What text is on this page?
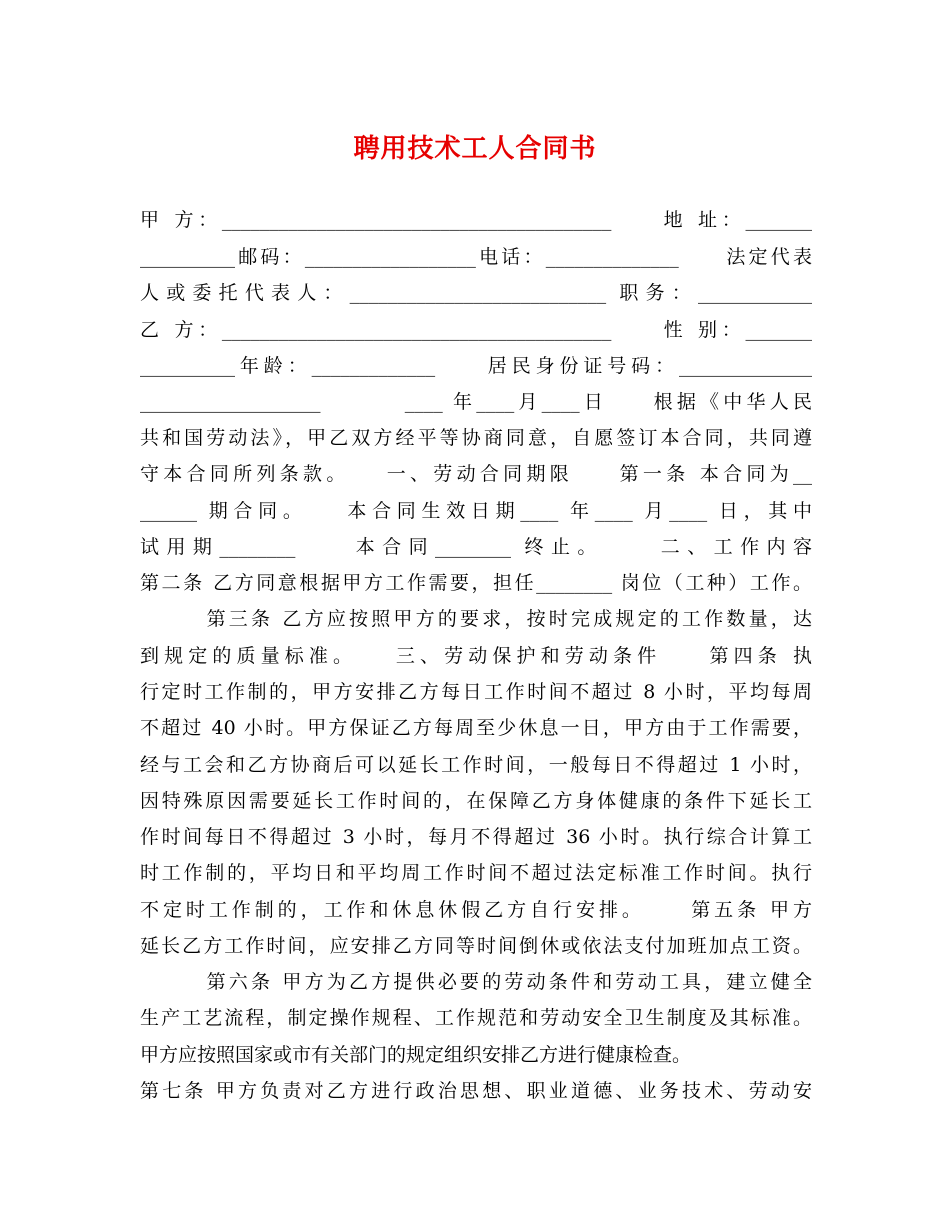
聘用技术工人合同书
甲 方：_________________________________________　　地 址：_______
__________邮码：__________________电话：______________　　法定代表
人或委托代表人：___________________________ 职务：____________
乙 方：_________________________________________　　性 别：_______
__________年龄：_____________　　居民身份证号码：______________
___________________　　　 ____ 年____月____日　　根据《中华人民
共和国劳动法》，甲乙双方经平等协商同意，自愿签订本合同，共同遵
守本合同所列条款。　　一、劳动合同期限　　第一条 本合同为__
______ 期合同。　　本合同生效日期____ 年____ 月____ 日，其中
试用期________　　本合同________ 终止。　　 二、工作内容
第二条 乙方同意根据甲方工作需要，担任________ 岗位（工种）工作。
　　　第三条 乙方应按照甲方的要求，按时完成规定的工作数量，达
到规定的质量标准。　　三、劳动保护和劳动条件　　第四条 执
行定时工作制的，甲方安排乙方每日工作时间不超过 8 小时，平均每周
不超过 40 小时。甲方保证乙方每周至少休息一日，甲方由于工作需要，
经与工会和乙方协商后可以延长工作时间，一般每日不得超过 1 小时，
因特殊原因需要延长工作时间的，在保障乙方身体健康的条件下延长工
作时间每日不得超过 3 小时，每月不得超过 36 小时。执行综合计算工
时工作制的，平均日和平均周工作时间不超过法定标准工作时间。执行
不定时工作制的，工作和休息休假乙方自行安排。　　 第五条 甲方
延长乙方工作时间，应安排乙方同等时间倒休或依法支付加班加点工资。
　　　第六条 甲方为乙方提供必要的劳动条件和劳动工具，建立健全
生产工艺流程，制定操作规程、工作规范和劳动安全卫生制度及其标准。
甲方应按照国家或市有关部门的规定组织安排乙方进行健康检查。
第七条 甲方负责对乙方进行政治思想、职业道德、业务技术、劳动安
